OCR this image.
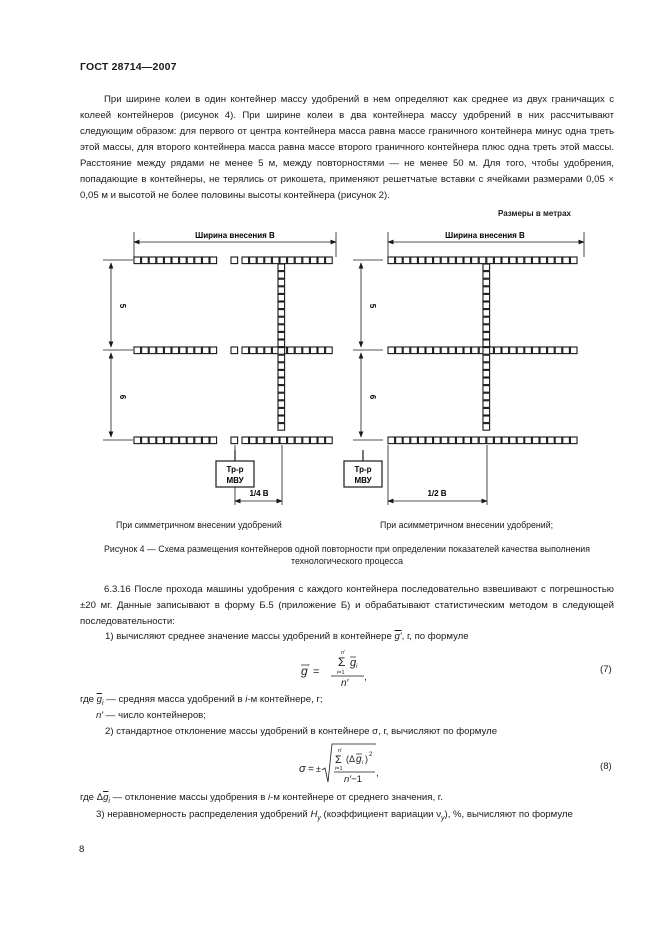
ГОСТ 28714—2007

При ширине колеи в один контейнер массу удобрений в нем определяют как среднее из двух граничащих с колеей контейнеров (рисунок 4). При ширине колеи в два контейнера массу удобрений в них рассчитывают следующим образом: для первого от центра контейнера масса равна массе граничного контейнера минус одна треть этой массы, для второго контейнера масса равна массе второго граничного контейнера плюс одна треть этой массы. Расстояние между рядами не менее 5 м, между повторностями — не менее 50 м. Для того, чтобы удобрения, попадающие в контейнеры, не терялись от рикошета, применяют решетчатые вставки с ячейками размерами 0,05 × 0,05 м и высотой не более половины высоты контейнера (рисунок 2).

Размеры в метрах
Ширина внесения B	Ширина внесения B
5
6
5
6
Тр-р
МВУ
Тр-р
МВУ
1/4 B	1/2 B
При симметричном внесении удобрений	При асимметричном внесении удобрений;
Рисунок 4 — Схема размещения контейнеров одной повторности при определении показателей качества выполнения технологического процесса

6.3.16 После прохода машины удобрения с каждого контейнера последовательно взвешивают с погрешностью ±20 мг. Данные записывают в форму Б.5 (приложение Б) и обрабатывают статистическим методом в следующей последовательности:

1) вычисляют среднее значение массы удобрений в контейнере g′, г, по формуле
g ′ =
n′
Σ
i=1
g i
n′
,
(7)
где $\overline{g}_i$ — средняя масса удобрений в i-м контейнере, г;
n′ — число контейнеров;
2) стандартное отклонение массы удобрений в контейнере σ, г, вычисляют по формуле
σ = ±
n′
Σ
i=1
(Δ g i ) 2
n′−1
,
(8)
где $\Delta\overline{g}_i$ — отклонение массы удобрения в i-м контейнере от среднего значения, г.
3) неравномерность распределения удобрений $H_y$ (коэффициент вариации $\nu_y$), %, вычисляют по формуле
8
